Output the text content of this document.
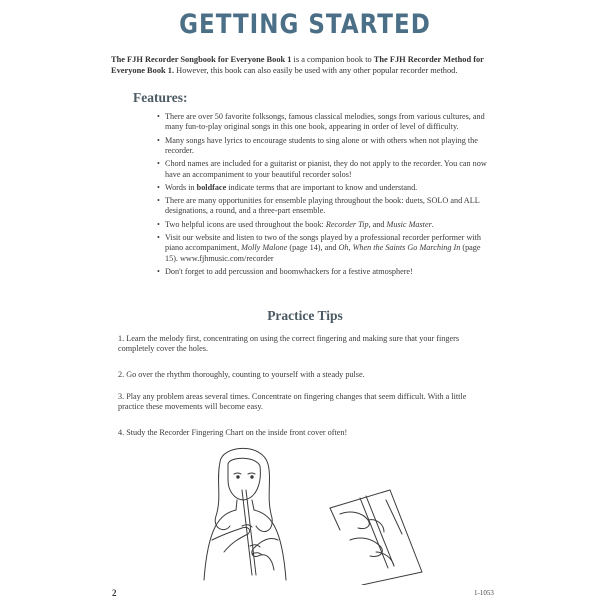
GETTING STARTED
The FJH Recorder Songbook for Everyone Book 1 is a companion book to The FJH Recorder Method for Everyone Book 1. However, this book can also easily be used with any other popular recorder method.
Features:
• There are over 50 favorite folksongs, famous classical melodies, songs from various cultures, and many fun-to-play original songs in this one book, appearing in order of level of difficulty.
• Many songs have lyrics to encourage students to sing alone or with others when not playing the recorder.
• Chord names are included for a guitarist or pianist, they do not apply to the recorder. You can now have an accompaniment to your beautiful recorder solos!
• Words in boldface indicate terms that are important to know and understand.
• There are many opportunities for ensemble playing throughout the book: duets, SOLO and ALL designations, a round, and a three-part ensemble.
• Two helpful icons are used throughout the book: Recorder Tip, and Music Master.
• Visit our website and listen to two of the songs played by a professional recorder performer with piano accompaniment, Molly Malone (page 14), and Oh, When the Saints Go Marching In (page 15). www.fjhmusic.com/recorder
• Don't forget to add percussion and boomwhackers for a festive atmosphere!
Practice Tips
1. Learn the melody first, concentrating on using the correct fingering and making sure that your fingers completely cover the holes.
2. Go over the rhythm thoroughly, counting to yourself with a steady pulse.
3. Play any problem areas several times. Concentrate on fingering changes that seem difficult. With a little practice these movements will become easy.
4. Study the Recorder Fingering Chart on the inside front cover often!
2	1-1053
